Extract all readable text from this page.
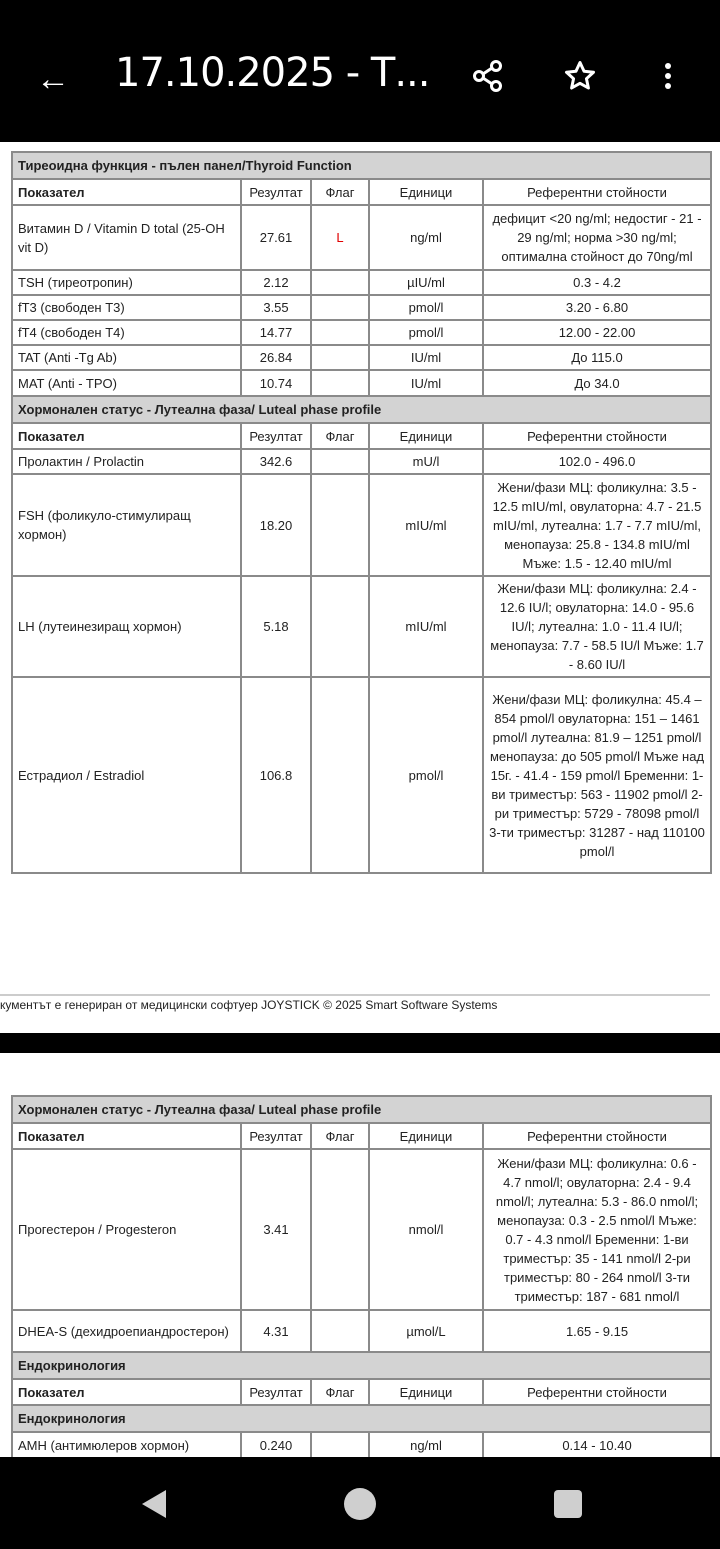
← 17.10.2025 - Т...
Тиреоидна функция - пълен панел/Thyroid Function				
Показател	Резултат	Флаг	Единици	Референтни стойности
Витамин D / Vitamin D total (25-OH vit D)	27.61	L	ng/ml	дефицит <20 ng/ml; недостиг - 21 - 29 ng/ml; норма >30 ng/ml; оптимална стойност до 70ng/ml
TSH (тиреотропин)	2.12		µIU/ml	0.3 - 4.2
fT3 (свободен Т3)	3.55		pmol/l	3.20 - 6.80
fT4 (свободен Т4)	14.77		pmol/l	12.00 - 22.00
TAT (Anti -Tg Ab)	26.84		IU/ml	До 115.0
MAT (Anti - TPO)	10.74		IU/ml	До 34.0
Хормонален статус - Лутеална фаза/ Luteal phase profile				
Показател	Резултат	Флаг	Единици	Референтни стойности
Пролактин / Prolactin	342.6		mU/l	102.0 - 496.0
FSH (фоликуло-стимулиращ хормон)	18.20		mIU/ml	Жени/фази МЦ: фоликулна: 3.5 - 12.5 mIU/ml, овулаторна: 4.7 - 21.5 mIU/ml, лутеална: 1.7 - 7.7 mIU/ml, менопауза: 25.8 - 134.8 mIU/ml Мъже: 1.5 - 12.40 mIU/ml
LH (лутеинезиращ хормон)	5.18		mIU/ml	Жени/фази МЦ: фоликулна: 2.4 - 12.6 IU/l; овулаторна: 14.0 - 95.6 IU/l; лутеална: 1.0 - 11.4 IU/l; менопауза: 7.7 - 58.5 IU/l Мъже: 1.7 - 8.60 IU/l
Естрадиол / Estradiol	106.8		pmol/l	Жени/фази МЦ: фоликулна: 45.4 – 854 pmol/l овулаторна: 151 – 1461 pmol/l лутеална: 81.9 – 1251 pmol/l менопауза: до 505 pmol/l Мъже над 15г. - 41.4 - 159 pmol/l Бременни: 1-ви триместър: 563 - 11902 pmol/l 2-ри триместър: 5729 - 78098 pmol/l 3-ти триместър: 31287 - над 110100 pmol/l
кументът е генериран от медицински софтуер JOYSTICK © 2025 Smart Software Systems
Хормонален статус - Лутеална фаза/ Luteal phase profile				
Показател	Резултат	Флаг	Единици	Референтни стойности
Прогестерон / Progesteron	3.41		nmol/l	Жени/фази МЦ: фоликулна: 0.6 - 4.7 nmol/l; овулаторна: 2.4 - 9.4 nmol/l; лутеална: 5.3 - 86.0 nmol/l; менопауза: 0.3 - 2.5 nmol/l Мъже: 0.7 - 4.3 nmol/l Бременни: 1-ви триместър: 35 - 141 nmol/l 2-ри триместър: 80 - 264 nmol/l 3-ти триместър: 187 - 681 nmol/l
DHEA-S (дехидроепиандростерон)	4.31		µmol/L	1.65 - 9.15
Ендокринология				
Показател	Резултат	Флаг	Единици	Референтни стойности
Ендокринология				
AMH (антимюлеров хормон)	0.240		ng/ml	0.14 - 10.40
